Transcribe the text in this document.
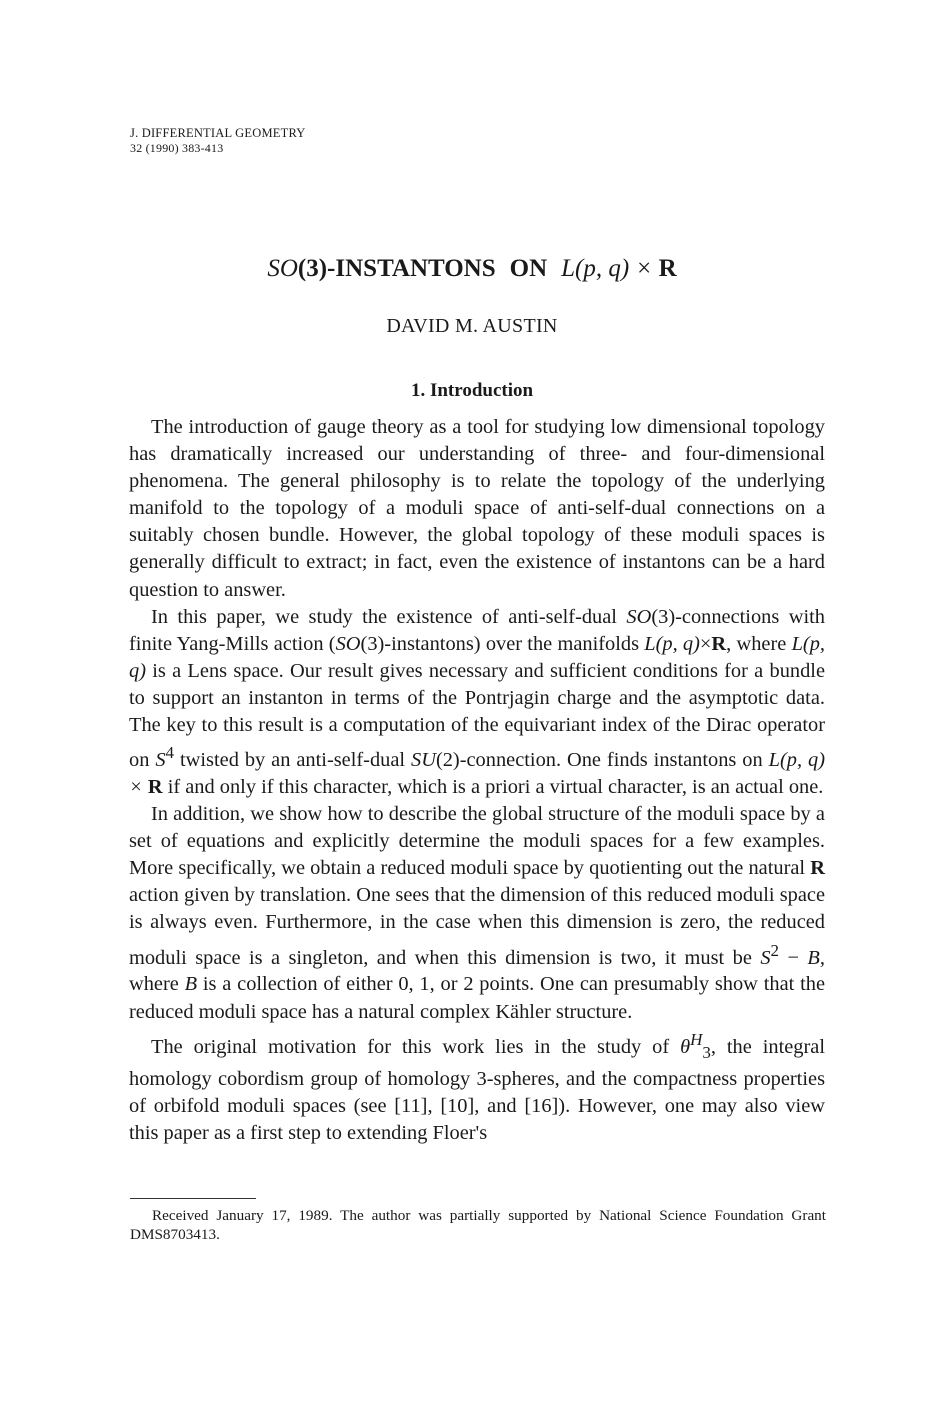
J. DIFFERENTIAL GEOMETRY
32 (1990) 383-413
SO(3)-INSTANTONS ON L(p, q) × R
DAVID M. AUSTIN
1. Introduction

The introduction of gauge theory as a tool for studying low dimensional topology has dramatically increased our understanding of three- and four-dimensional phenomena. The general philosophy is to relate the topology of the underlying manifold to the topology of a moduli space of anti-self-dual connections on a suitably chosen bundle. However, the global topology of these moduli spaces is generally difficult to extract; in fact, even the existence of instantons can be a hard question to answer.

In this paper, we study the existence of anti-self-dual SO(3)-connections with finite Yang-Mills action (SO(3)-instantons) over the manifolds L(p, q)×R, where L(p, q) is a Lens space. Our result gives necessary and sufficient conditions for a bundle to support an instanton in terms of the Pontrjagin charge and the asymptotic data. The key to this result is a computation of the equivariant index of the Dirac operator on $S^4$ twisted by an anti-self-dual SU(2)-connection. One finds instantons on L(p, q) × R if and only if this character, which is a priori a virtual character, is an actual one.

In addition, we show how to describe the global structure of the moduli space by a set of equations and explicitly determine the moduli spaces for a few examples. More specifically, we obtain a reduced moduli space by quotienting out the natural R action given by translation. One sees that the dimension of this reduced moduli space is always even. Furthermore, in the case when this dimension is zero, the reduced moduli space is a singleton, and when this dimension is two, it must be $S^2 - B$, where B is a collection of either 0, 1, or 2 points. One can presumably show that the reduced moduli space has a natural complex Kähler structure.

The original motivation for this work lies in the study of $\theta^H_3$, the integral homology cobordism group of homology 3-spheres, and the compactness properties of orbifold moduli spaces (see [11], [10], and [16]). However, one may also view this paper as a first step to extending Floer's

Received January 17, 1989. The author was partially supported by National Science Foundation Grant DMS8703413.
